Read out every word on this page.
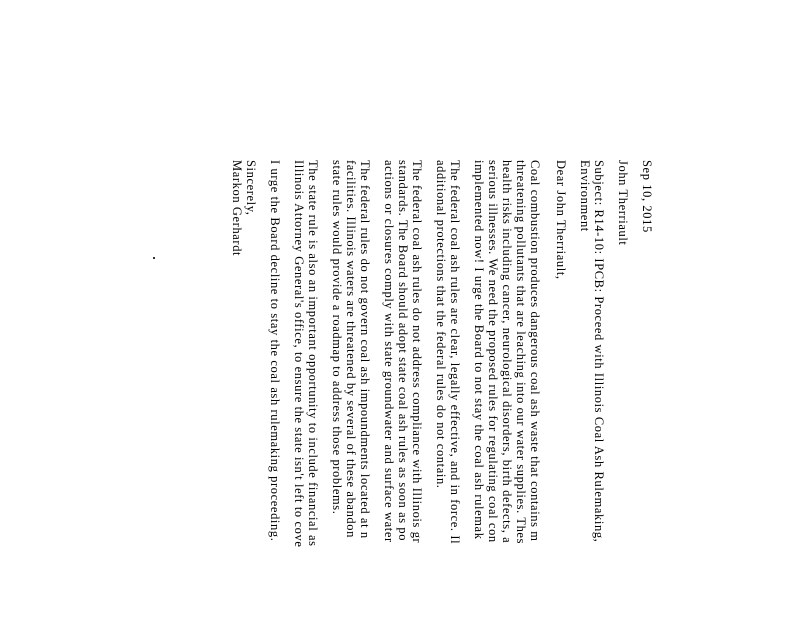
Sep 10, 2015

John Therriault

Subject: R14-10: IPCB: Proceed with Illinois Coal Ash Rulemaking,

Environment

Dear John Therriault,

Coal combustion produces dangerous coal ash waste that contains m

threatening pollutants that are leaching into our water supplies. Thes

health risks including cancer, neurological disorders, birth defects, a

serious illnesses. We need the proposed rules for regulating coal con

implemented now! I urge the Board to not stay the coal ash rulemak

The federal coal ash rules are clear, legally effective, and in force. Il

additional protections that the federal rules do not contain.

The federal coal ash rules do not address compliance with Illinois gr

standards. The Board should adopt state coal ash rules as soon as po

actions or closures comply with state groundwater and surface water

The federal rules do not govern coal ash impoundments located at n

facilities. Illinois waters are threatened by several of these abandon

state rules would provide a roadmap to address those problems.

The state rule is also an important opportunity to include financial as

Illinois Attorney General's office, to ensure the state isn't left to cove

I urge the Board decline to stay the coal ash rulemaking proceeding.

Sincerely,

Markon Gerhardt
